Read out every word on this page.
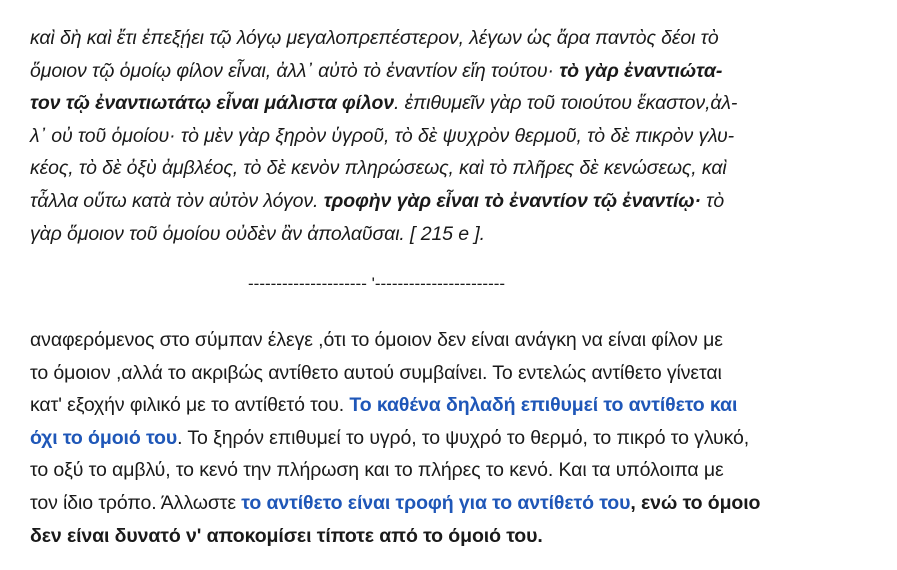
καὶ δὴ καὶ ἔτι ἐπεξῄει τῷ λόγῳ μεγαλοπρεπέστερον, λέγων ὡς ἄρα παντὸς δέοι τὸ
ὅμοιον τῷ ὁμοίῳ φίλον εἶναι, ἀλλ᾽ αὐτὸ τὸ ἐναντίον εἴη τούτου· τὸ γὰρ ἐναντιώτα-
τον τῷ ἐναντιωτάτῳ εἶναι μάλιστα φίλον. ἐπιθυμεῖν γὰρ τοῦ τοιούτου ἕκαστον,ἀλ-
λ᾽ οὐ τοῦ ὁμοίου· τὸ μὲν γὰρ ξηρὸν ὑγροῦ, τὸ δὲ ψυχρὸν θερμοῦ, τὸ δὲ πικρὸν γλυ-
κέος, τὸ δὲ ὀξὺ ἀμβλέος, τὸ δὲ κενὸν πληρώσεως, καὶ τὸ πλῆρες δὲ κενώσεως, καὶ
τἆλλα οὕτω κατὰ τὸν αὐτὸν λόγον. τροφὴν γὰρ εἶναι τὸ ἐναντίον τῷ ἐναντίῳ· τὸ
γὰρ ὅμοιον τοῦ ὁμοίου οὐδὲν ἂν ἀπολαῦσαι. [ 215 e ].
--------------------- '-----------------------
αναφερόμενος στο σύμπαν έλεγε ,ότι το όμοιον δεν είναι ανάγκη να είναι φίλον με
το όμοιον ,αλλά το ακριβώς αντίθετο αυτού συμβαίνει. Το εντελώς αντίθετο γίνεται
κατ' εξοχήν φιλικό με το αντίθετό του. Το καθένα δηλαδή επιθυμεί το αντίθετο και
όχι το όμοιό του. Το ξηρόν επιθυμεί το υγρό, το ψυχρό το θερμό, το πικρό το γλυκό,
το οξύ το αμβλύ, το κενό την πλήρωση και το πλήρες το κενό. Και τα υπόλοιπα με
τον ίδιο τρόπο. Άλλωστε το αντίθετο είναι τροφή για το αντίθετό του, ενώ το όμοιο
δεν είναι δυνατό ν' αποκομίσει τίποτε από το όμοιό του.
